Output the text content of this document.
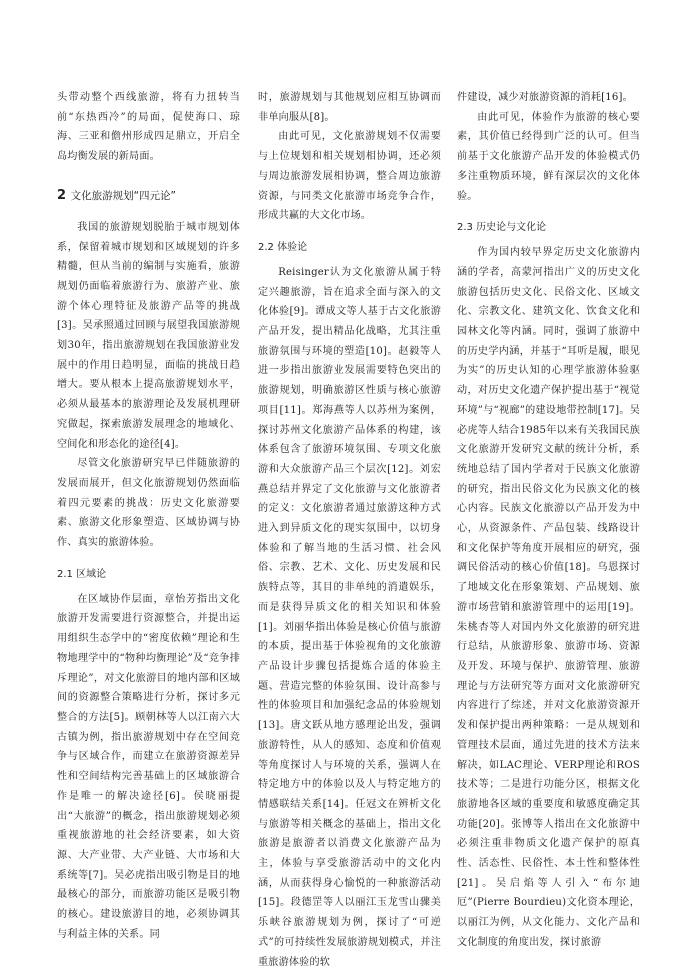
头带动整个西线旅游，将有力扭转当前“东热西冷”的局面，促使海口、琼海、三亚和儋州形成四足鼎立，开启全岛均衡发展的新局面。

2 文化旅游规划“四元论”

我国的旅游规划脱胎于城市规划体系，保留着城市规划和区域规划的许多精髓，但从当前的编制与实施看，旅游规划仍面临着旅游行为、旅游产业、旅游个体心理特征及旅游产品等的挑战[3]。吴承照通过回顾与展望我国旅游规划30年，指出旅游规划在我国旅游业发展中的作用日趋明显，面临的挑战日趋增大。要从根本上提高旅游规划水平，必须从最基本的旅游理论及发展机理研究做起，探索旅游发展理念的地域化、空间化和形态化的途径[4]。

尽管文化旅游研究早已伴随旅游的发展而展开，但文化旅游规划仍然面临着四元要素的挑战：历史文化旅游要素、旅游文化形象塑造、区域协调与协作、真实的旅游体验。

2.1 区域论

在区域协作层面，章怡芳指出文化旅游开发需要进行资源整合，并提出运用组织生态学中的“密度依赖”理论和生物地理学中的“物种均衡理论”及“竞争排斥理论”，对文化旅游目的地内部和区域间的资源整合策略进行分析，探讨多元整合的方法[5]。顾朝林等人以江南六大古镇为例，指出旅游规划中存在空间竞争与区域合作，而建立在旅游资源差异性和空间结构完善基础上的区域旅游合作是唯一的解决途径[6]。侯晓丽提出“大旅游”的概念，指出旅游规划必须重视旅游地的社会经济要素，如大资源、大产业带、大产业链、大市场和大系统等[7]。吴必虎指出吸引物是目的地最核心的部分，而旅游功能区是吸引物的核心。建设旅游目的地，必须协调其与利益主体的关系。同

时，旅游规划与其他规划应相互协调而非单向服从[8]。

由此可见，文化旅游规划不仅需要与上位规划和相关规划相协调，还必须与周边旅游发展相协调，整合周边旅游资源，与同类文化旅游市场竞争合作，形成共赢的大文化市场。

2.2 体验论

Reisinger认为文化旅游从属于特定兴趣旅游，旨在追求全面与深入的文化体验[9]。谭成文等人基于古文化旅游产品开发，提出精品化战略，尤其注重旅游氛围与环境的塑造[10]。赵毅等人进一步指出旅游业发展需要特色突出的旅游规划，明确旅游区性质与核心旅游项目[11]。郑海燕等人以苏州为案例，探讨苏州文化旅游产品体系的构建，该体系包含了旅游环境氛围、专项文化旅游和大众旅游产品三个层次[12]。刘宏燕总结并界定了文化旅游与文化旅游者的定义：文化旅游者通过旅游这种方式进入到异质文化的现实氛围中，以切身体验和了解当地的生活习惯、社会风俗、宗教、艺术、文化、历史发展和民族特点等，其目的非单纯的消遣娱乐，而是获得异质文化的相关知识和体验[1]。刘丽华指出体验是核心价值与旅游的本质，提出基于体验视角的文化旅游产品设计步骤包括提炼合适的体验主题、营造完整的体验氛围、设计高参与性的体验项目和加强纪念品的体验规划[13]。唐文跃从地方感理论出发，强调旅游特性，从人的感知、态度和价值观等角度探讨人与环境的关系，强调人在特定地方中的体验以及人与特定地方的情感联结关系[14]。任冠文在辨析文化与旅游等相关概念的基础上，指出文化旅游是旅游者以消费文化旅游产品为主，体验与享受旅游活动中的文化内涵，从而获得身心愉悦的一种旅游活动[15]。段德罡等人以丽江玉龙雪山骤美乐峡谷旅游规划为例，探讨了“可逆式”的可持续性发展旅游规划模式，并注重旅游体验的软

件建设，减少对旅游资源的消耗[16]。

由此可见，体验作为旅游的核心要素，其价值已经得到广泛的认可。但当前基于文化旅游产品开发的体验模式仍多注重物质环境，鲜有深层次的文化体验。

2.3 历史论与文化论

作为国内较早界定历史文化旅游内涵的学者，高蒙河指出广义的历史文化旅游包括历史文化、民俗文化、区域文化、宗教文化、建筑文化、饮食文化和园林文化等内涵。同时，强调了旅游中的历史学内涵，并基于“耳听是履，眼见为实”的历史认知的心理学旅游体验驱动，对历史文化遗产保护提出基于“视觉环境”与“视廊”的建设地带控制[17]。吴必虎等人结合1985年以来有关我国民族文化旅游开发研究文献的统计分析，系统地总结了国内学者对于民族文化旅游的研究，指出民俗文化为民族文化的核心内容。民族文化旅游以产品开发为中心，从资源条件、产品包装、线路设计和文化保护等角度开展相应的研究，强调民俗活动的核心价值[18]。乌恩探讨了地域文化在形象策划、产品规划、旅游市场营销和旅游管理中的运用[19]。朱桃杏等人对国内外文化旅游的研究进行总结，从旅游形象、旅游市场、资源及开发、环境与保护、旅游管理、旅游理论与方法研究等方面对文化旅游研究内容进行了综述，并对文化旅游资源开发和保护提出两种策略：一是从规划和管理技术层面，通过先进的技术方法来解决，如LAC理论、VERP理论和ROS技术等；二是进行功能分区，根据文化旅游地各区域的重要度和敏感度确定其功能[20]。张博等人指出在文化旅游中必须注重非物质文化遗产保护的原真性、活态性、民俗性、本土性和整体性[21]。吴启焰等人引入“布尔迪厄”(Pierre Bourdieu)文化资本理论，以丽江为例，从文化能力、文化产品和文化制度的角度出发，探讨旅游
